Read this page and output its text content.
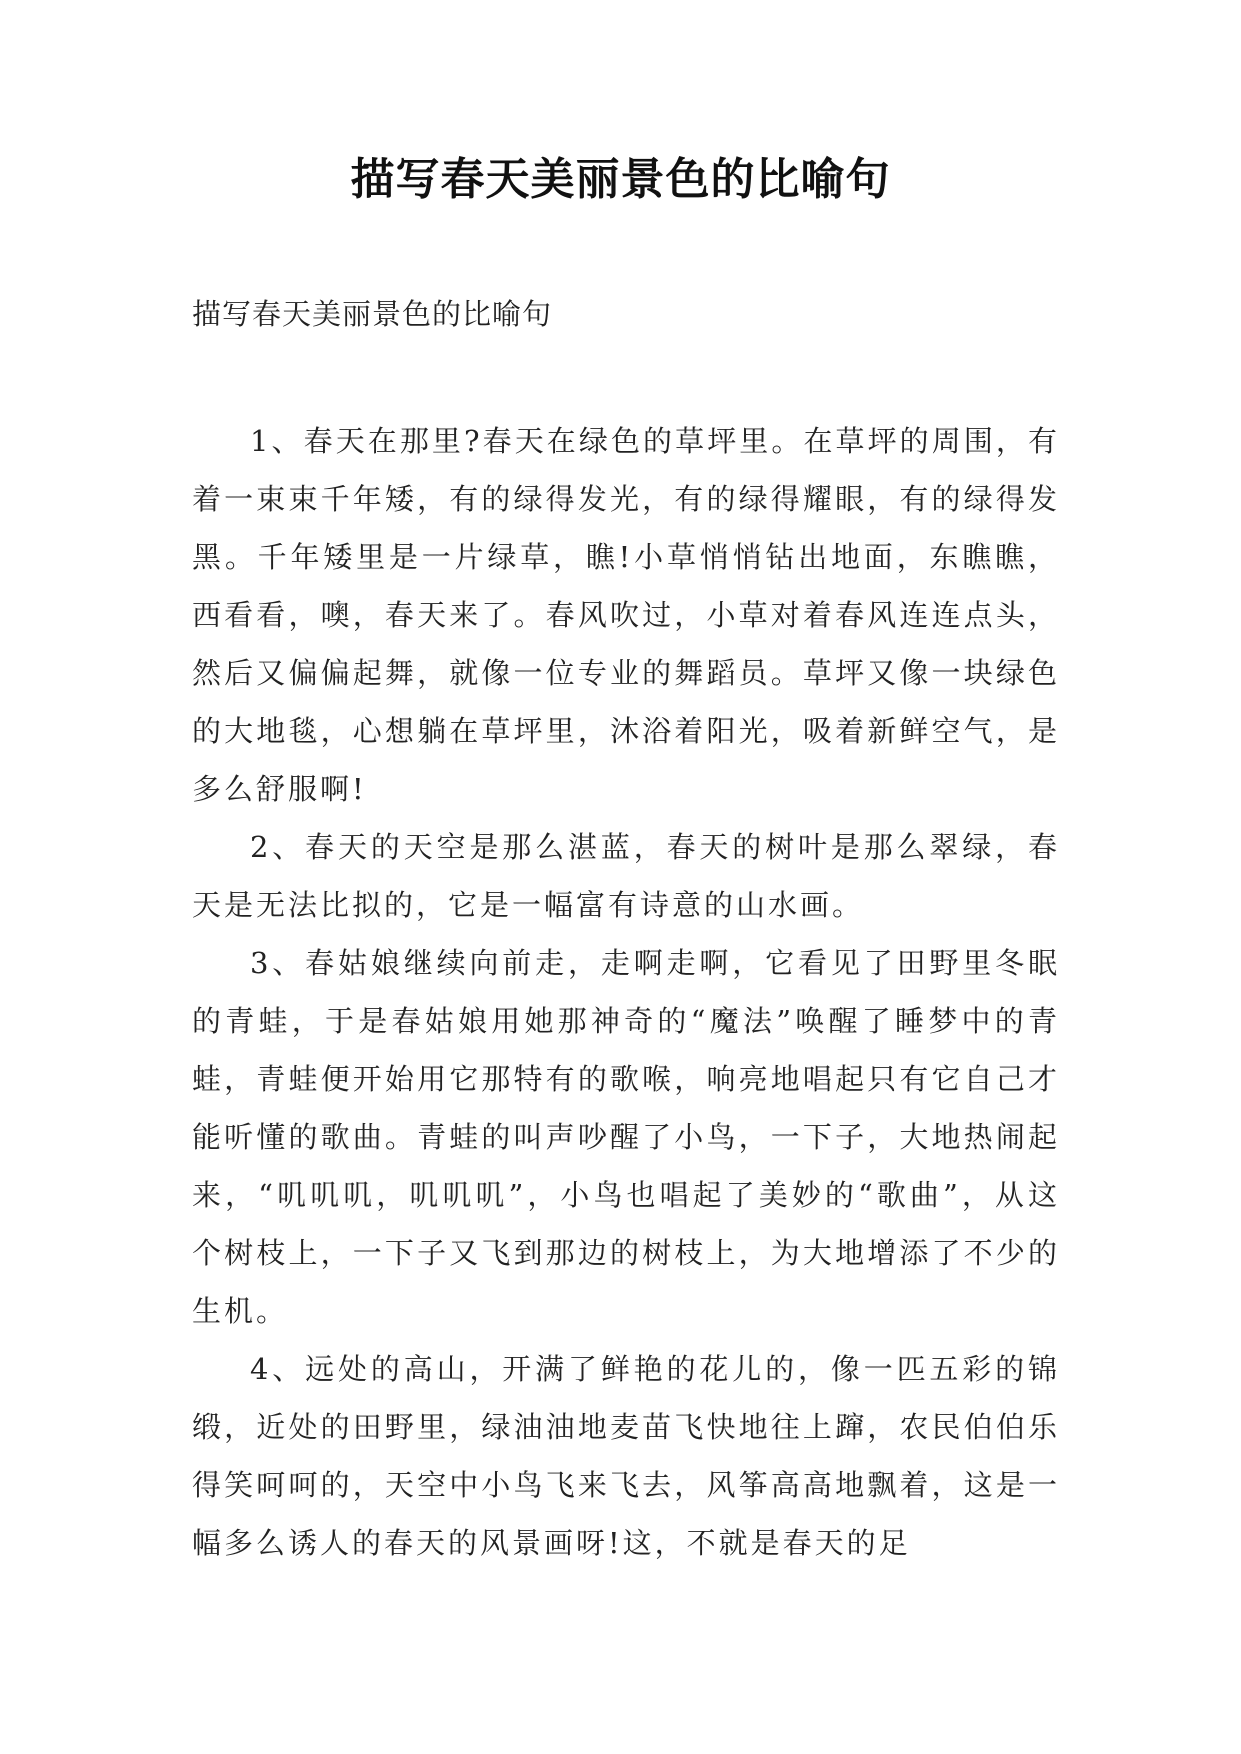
描写春天美丽景色的比喻句
描写春天美丽景色的比喻句

1、春天在那里?春天在绿色的草坪里。在草坪的周围，有着一束束千年矮，有的绿得发光，有的绿得耀眼，有的绿得发黑。千年矮里是一片绿草，瞧!小草悄悄钻出地面，东瞧瞧，西看看，噢，春天来了。春风吹过，小草对着春风连连点头，然后又偏偏起舞，就像一位专业的舞蹈员。草坪又像一块绿色的大地毯，心想躺在草坪里，沐浴着阳光，吸着新鲜空气，是多么舒服啊!

2、春天的天空是那么湛蓝，春天的树叶是那么翠绿，春天是无法比拟的，它是一幅富有诗意的山水画。

3、春姑娘继续向前走，走啊走啊，它看见了田野里冬眠的青蛙，于是春姑娘用她那神奇的“魔法”唤醒了睡梦中的青蛙，青蛙便开始用它那特有的歌喉，响亮地唱起只有它自己才能听懂的歌曲。青蛙的叫声吵醒了小鸟，一下子，大地热闹起来，“叽叽叽，叽叽叽”，小鸟也唱起了美妙的“歌曲”，从这个树枝上，一下子又飞到那边的树枝上，为大地增添了不少的生机。

4、远处的高山，开满了鲜艳的花儿的，像一匹五彩的锦缎，近处的田野里，绿油油地麦苗飞快地往上蹿，农民伯伯乐得笑呵呵的，天空中小鸟飞来飞去，风筝高高地飘着，这是一幅多么诱人的春天的风景画呀!这，不就是春天的足
